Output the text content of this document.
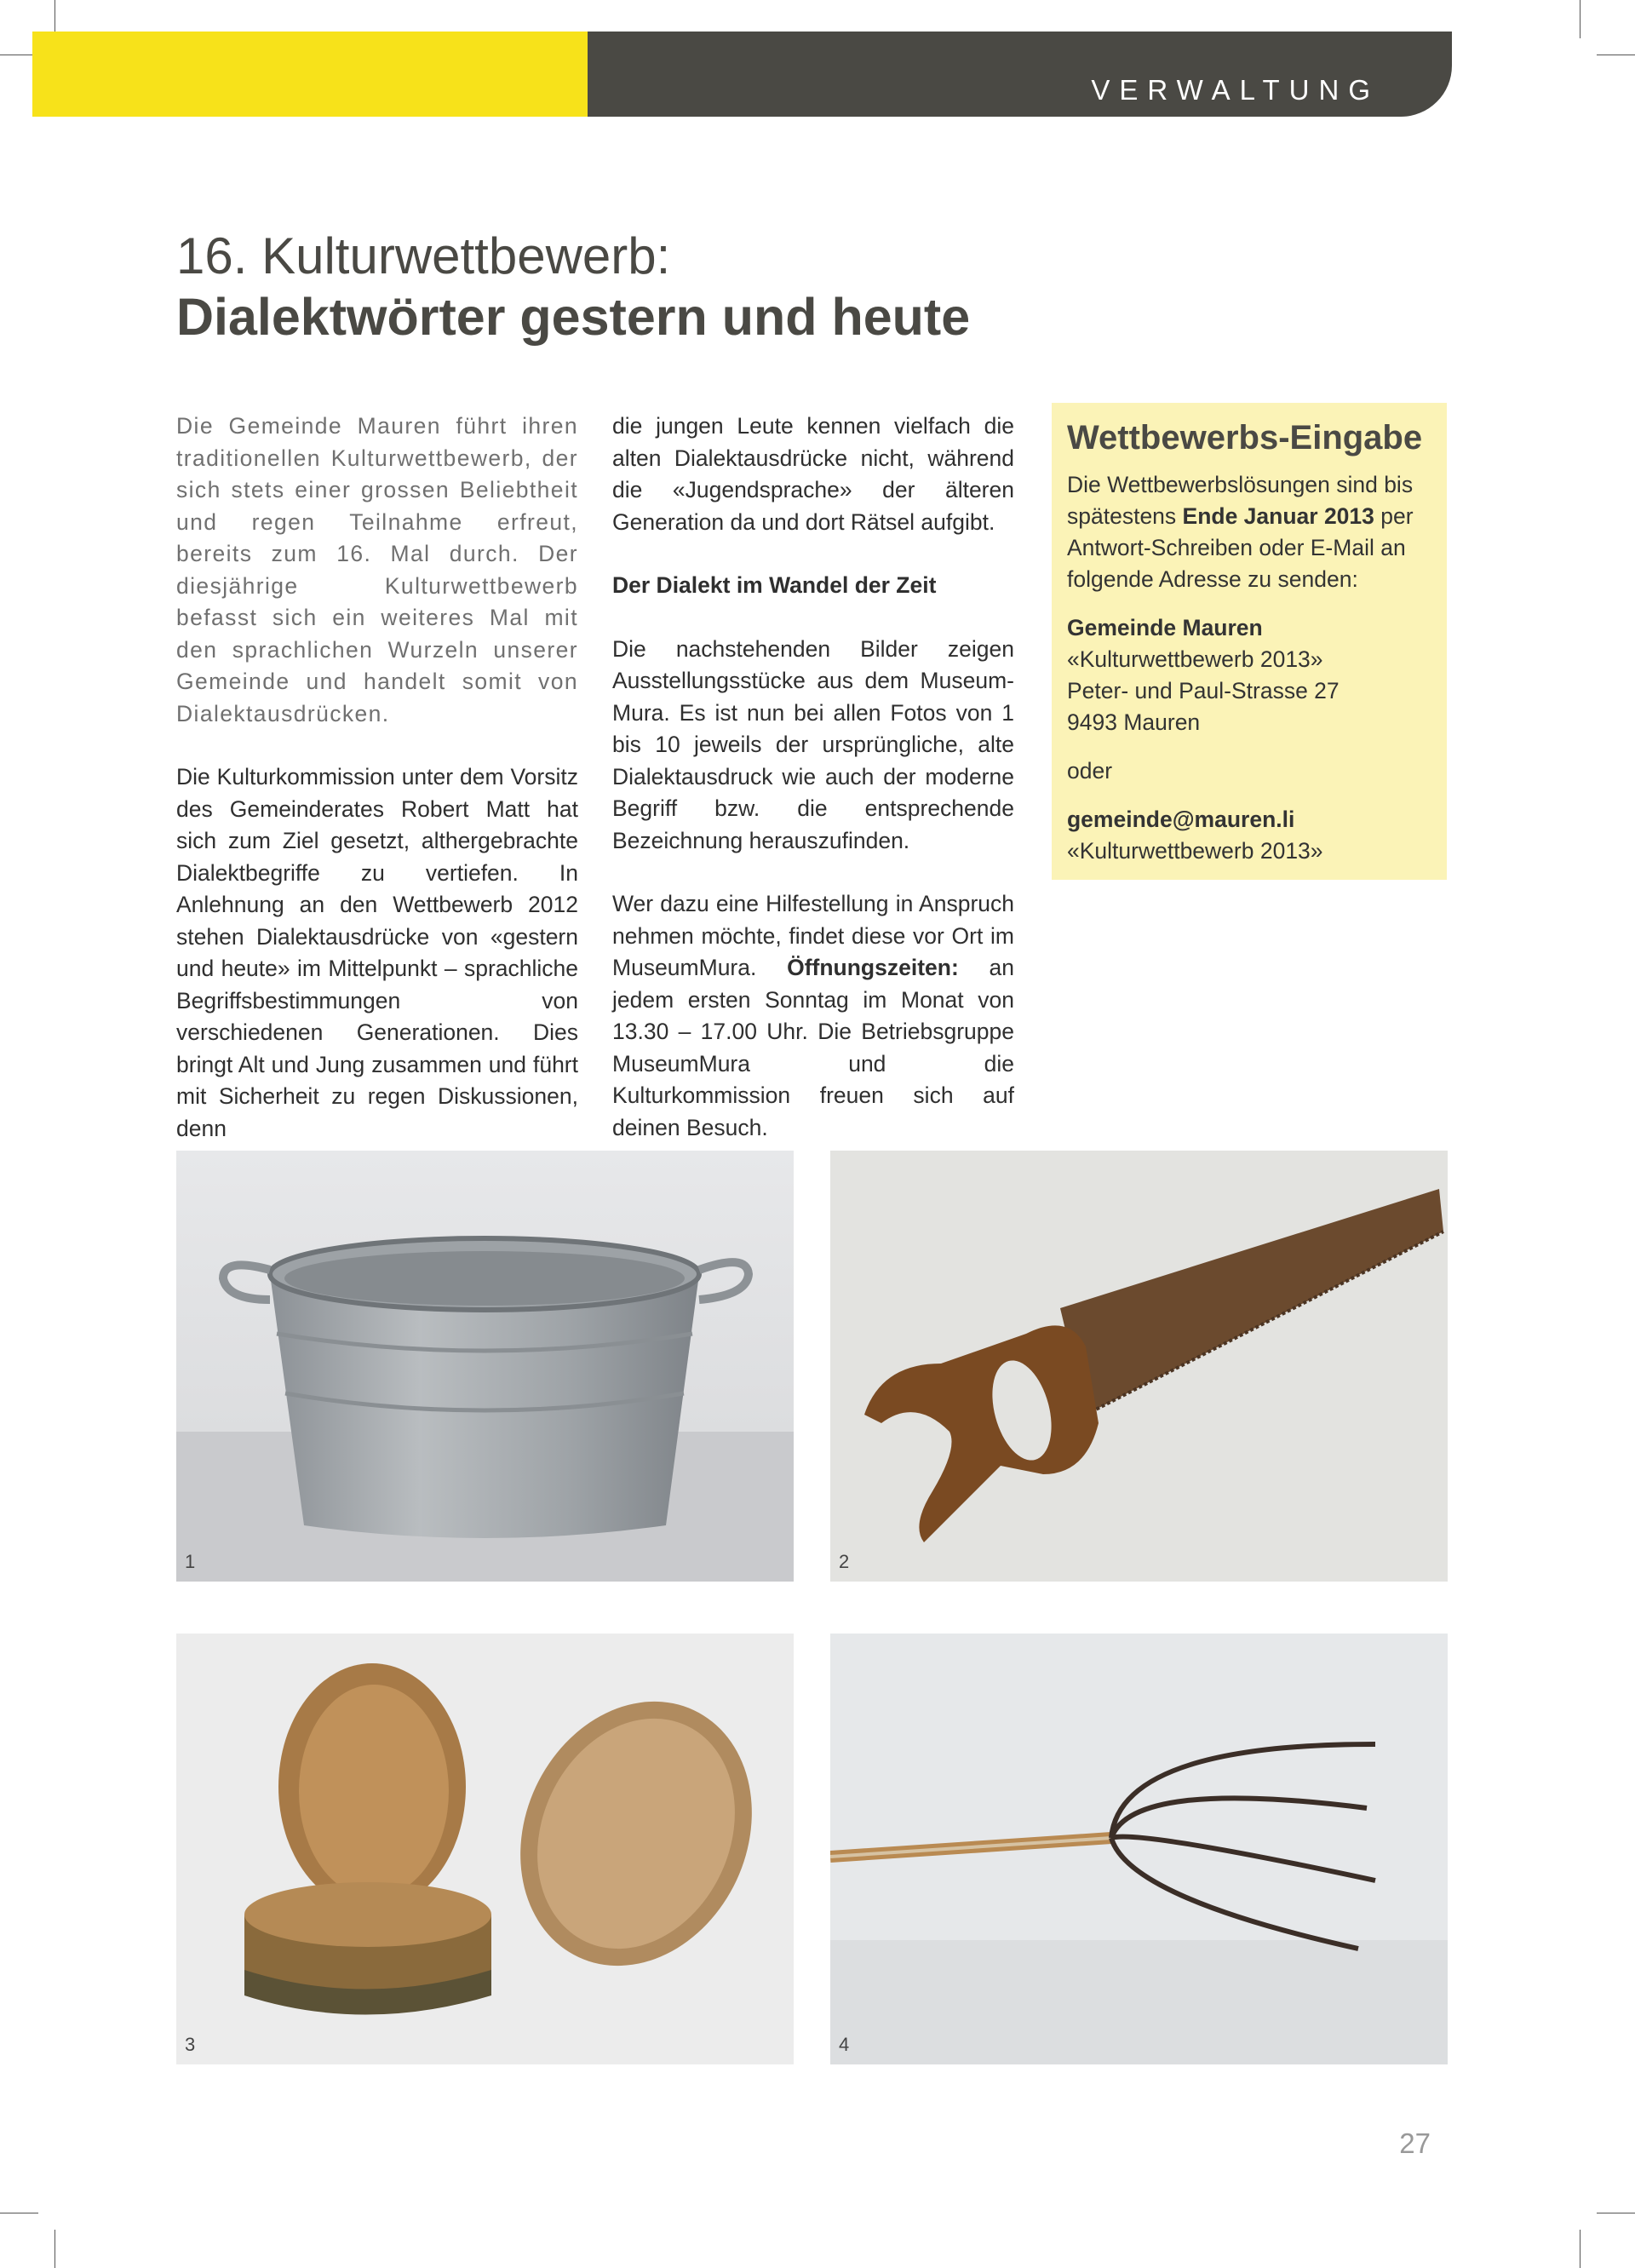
VERWALTUNG
16. Kulturwettbewerb:
Dialektwörter gestern und heute

Die Gemeinde Mauren führt ihren traditionellen Kulturwettbewerb, der sich stets einer grossen Beliebtheit und regen Teilnahme erfreut, bereits zum 16. Mal durch. Der diesjährige Kulturwettbewerb befasst sich ein weiteres Mal mit den sprachlichen Wurzeln unserer Gemeinde und handelt somit von Dialektausdrücken.

Die Kulturkommission unter dem Vorsitz des Gemeinderates Robert Matt hat sich zum Ziel gesetzt, althergebrachte Dialektbegriffe zu vertiefen. In Anlehnung an den Wettbewerb 2012 stehen Dialektausdrücke von «gestern und heute» im Mittelpunkt – sprachliche Begriffsbestimmungen von verschiedenen Generationen. Dies bringt Alt und Jung zusammen und führt mit Sicherheit zu regen Diskussionen, denn

die jungen Leute kennen vielfach die alten Dialektausdrücke nicht, während die «Jugendsprache» der älteren Generation da und dort Rätsel aufgibt.

Der Dialekt im Wandel der Zeit

Die nachstehenden Bilder zeigen Ausstellungsstücke aus dem Museum-Mura. Es ist nun bei allen Fotos von 1 bis 10 jeweils der ursprüngliche, alte Dialektausdruck wie auch der moderne Begriff bzw. die entsprechende Bezeichnung herauszufinden.

Wer dazu eine Hilfestellung in Anspruch nehmen möchte, findet diese vor Ort im MuseumMura. Öffnungszeiten: an jedem ersten Sonntag im Monat von 13.30 – 17.00 Uhr. Die Betriebsgruppe MuseumMura und die Kulturkommission freuen sich auf deinen Besuch.

Wettbewerbs-Eingabe

Die Wettbewerbslösungen sind bis spätestens Ende Januar 2013 per Antwort-Schreiben oder E-Mail an folgende Adresse zu senden:

Gemeinde Mauren

«Kulturwettbewerb 2013»

Peter- und Paul-Strasse 27

9493 Mauren

oder

gemeinde@mauren.li

«Kulturwettbewerb 2013»

1	2
3	4
27
